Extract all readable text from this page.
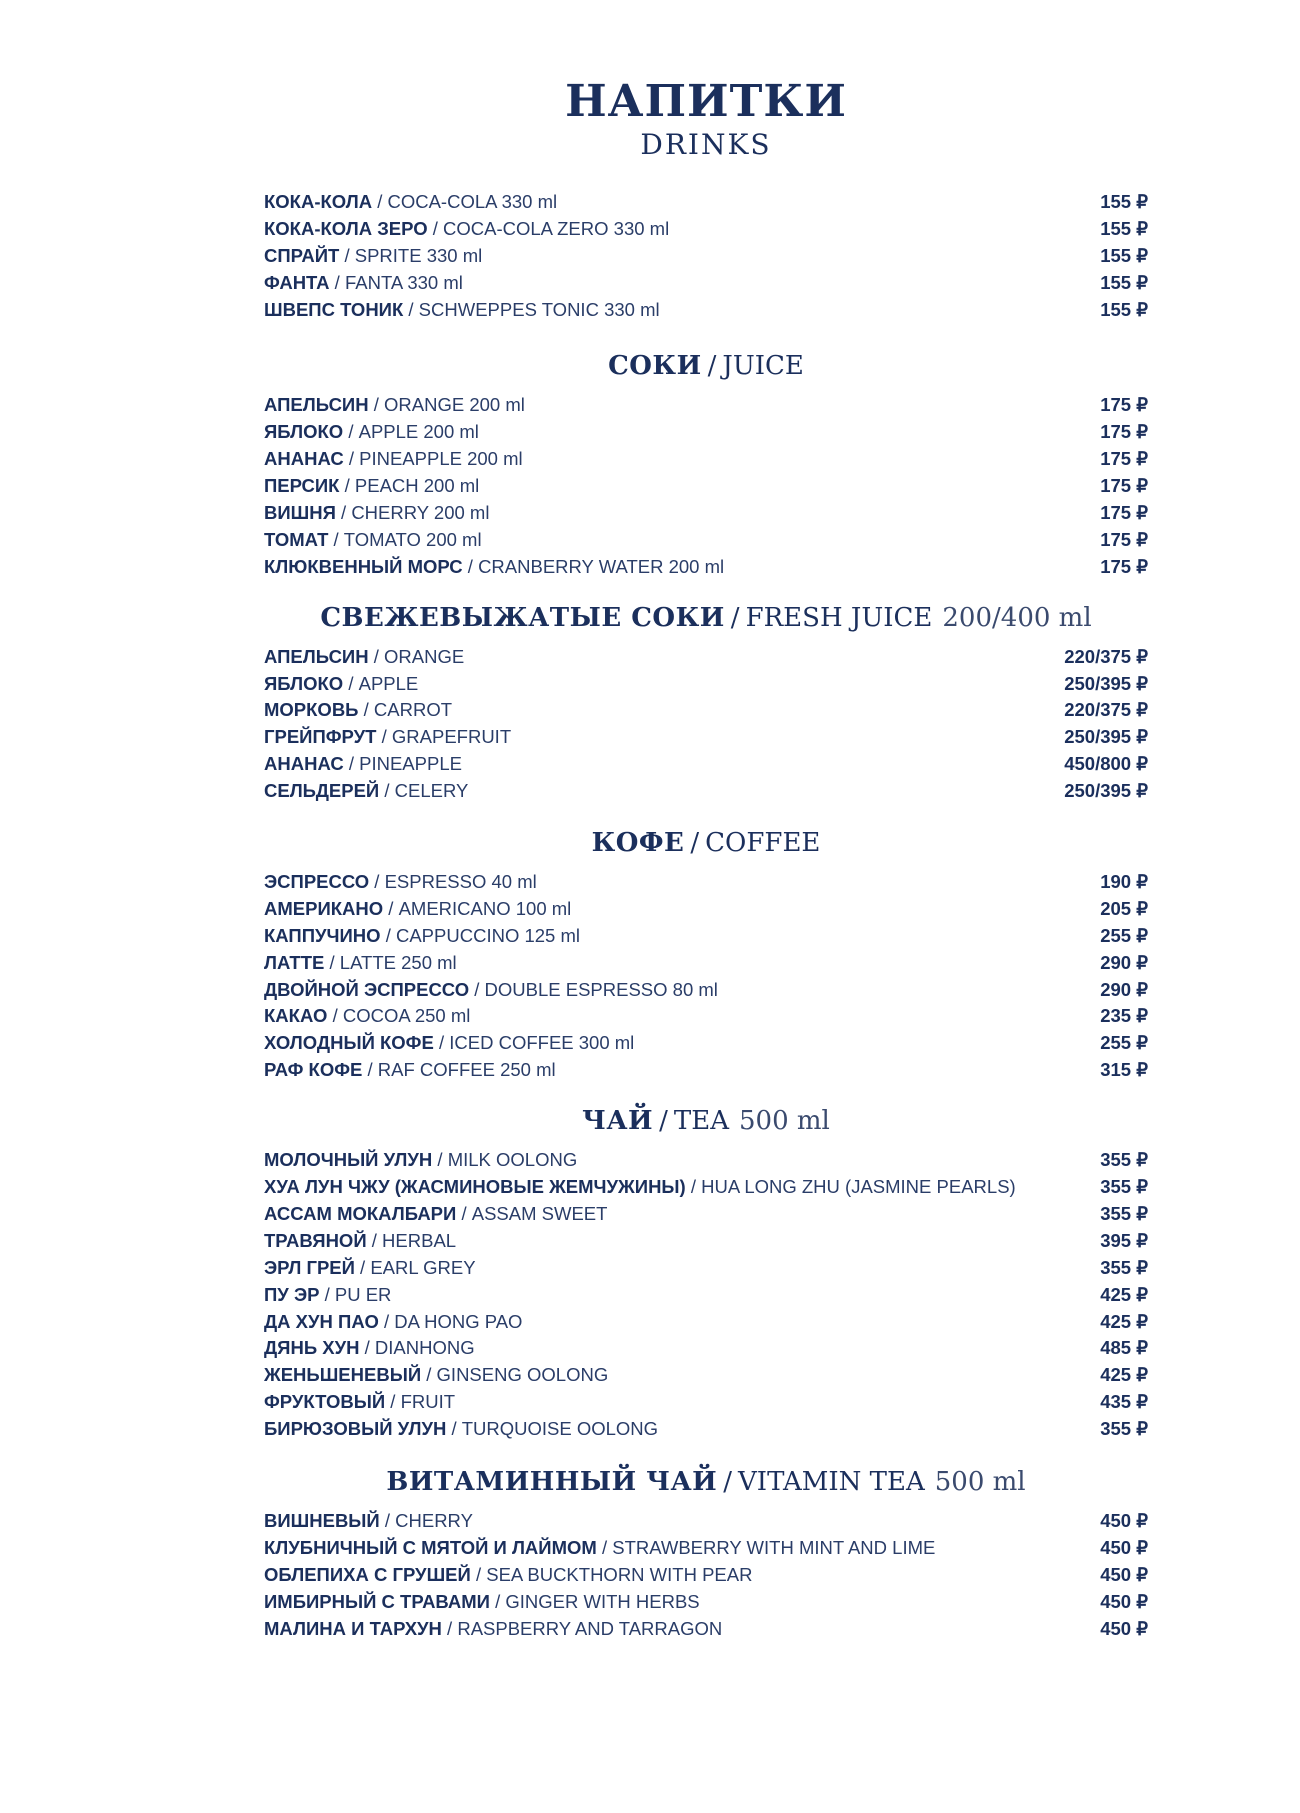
НАПИТКИ
DRINKS
КОКА-КОЛА / COCA-COLA 330 ml	155 ₽
КОКА-КОЛА ЗЕРО / COCA-COLA ZERO 330 ml	155 ₽
СПРАЙТ / SPRITE 330 ml	155 ₽
ФАНТА / FANTA 330 ml	155 ₽
ШВЕПС ТОНИК / SCHWEPPES TONIC 330 ml	155 ₽
СОКИ / JUICE
АПЕЛЬСИН / ORANGE 200 ml	175 ₽
ЯБЛОКО / APPLE 200 ml	175 ₽
АНАНАС / PINEAPPLE 200 ml	175 ₽
ПЕРСИК / PEACH 200 ml	175 ₽
ВИШНЯ / CHERRY 200 ml	175 ₽
ТОМАТ / TOMATO 200 ml	175 ₽
КЛЮКВЕННЫЙ МОРС / CRANBERRY WATER 200 ml	175 ₽
СВЕЖЕВЫЖАТЫЕ СОКИ / FRESH JUICE 200/400 ml
АПЕЛЬСИН / ORANGE	220/375 ₽
ЯБЛОКО / APPLE	250/395 ₽
МОРКОВЬ / CARROT	220/375 ₽
ГРЕЙПФРУТ / GRAPEFRUIT	250/395 ₽
АНАНАС / PINEAPPLE	450/800 ₽
СЕЛЬДЕРЕЙ / CELERY	250/395 ₽
КОФЕ / COFFEE
ЭСПРЕССО / ESPRESSO 40 ml	190 ₽
АМЕРИКАНО / AMERICANO 100 ml	205 ₽
КАППУЧИНО / CAPPUCCINO 125 ml	255 ₽
ЛАТТЕ / LATTE 250 ml	290 ₽
ДВОЙНОЙ ЭСПРЕССО / DOUBLE ESPRESSO 80 ml	290 ₽
КАКАО / COCOA 250 ml	235 ₽
ХОЛОДНЫЙ КОФЕ / ICED COFFEE 300 ml	255 ₽
РАФ КОФЕ / RAF COFFEE 250 ml	315 ₽
ЧАЙ / TEA 500 ml
МОЛОЧНЫЙ УЛУН / MILK OOLONG	355 ₽
ХУА ЛУН ЧЖУ (ЖАСМИНОВЫЕ ЖЕМЧУЖИНЫ) / HUA LONG ZHU (JASMINE PEARLS)	355 ₽
АССАМ МОКАЛБАРИ / ASSAM SWEET	355 ₽
ТРАВЯНОЙ / HERBAL	395 ₽
ЭРЛ ГРЕЙ / EARL GREY	355 ₽
ПУ ЭР / PU ER	425 ₽
ДА ХУН ПАО / DA HONG PAO	425 ₽
ДЯНЬ ХУН / DIANHONG	485 ₽
ЖЕНЬШЕНЕВЫЙ / GINSENG OOLONG	425 ₽
ФРУКТОВЫЙ / FRUIT	435 ₽
БИРЮЗОВЫЙ УЛУН / TURQUOISE OOLONG	355 ₽
ВИТАМИННЫЙ ЧАЙ / VITAMIN TEA 500 ml
ВИШНЕВЫЙ / CHERRY	450 ₽
КЛУБНИЧНЫЙ С МЯТОЙ И ЛАЙМОМ / STRAWBERRY WITH MINT AND LIME	450 ₽
ОБЛЕПИХА С ГРУШЕЙ / SEA BUCKTHORN WITH PEAR	450 ₽
ИМБИРНЫЙ С ТРАВАМИ / GINGER WITH HERBS	450 ₽
МАЛИНА И ТАРХУН / RASPBERRY AND TARRAGON	450 ₽
